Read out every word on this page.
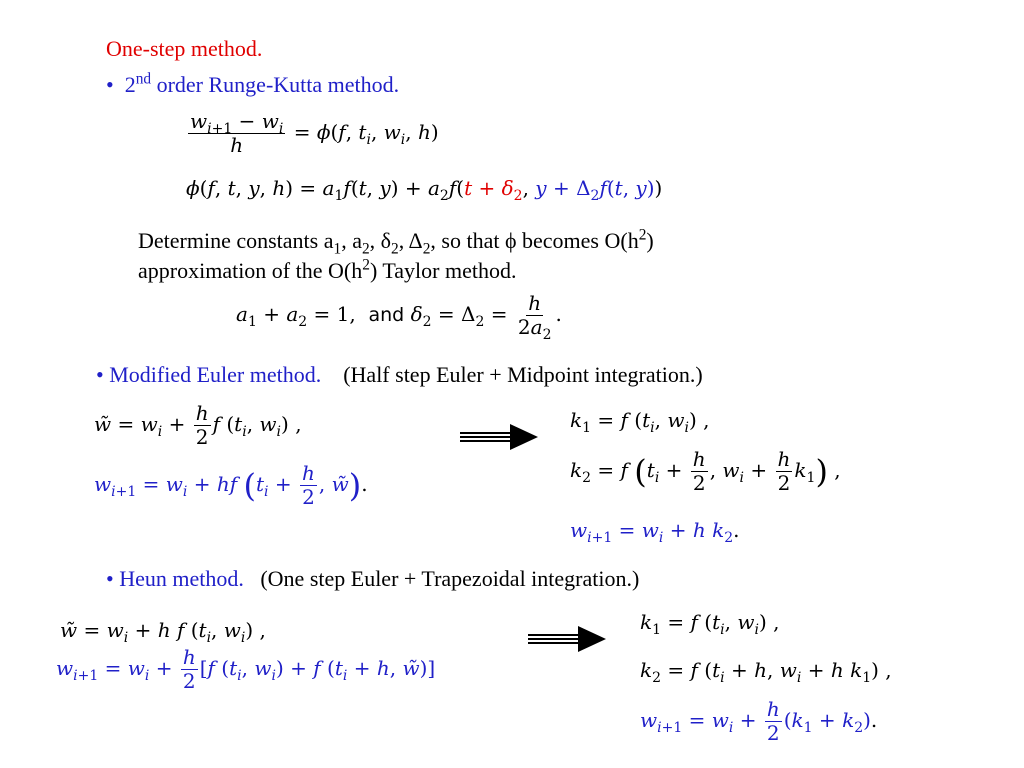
One-step method.
• 2nd order Runge-Kutta method.
$\frac{w_{i+1} - w_i}{h} = \phi(f$, $t_i$, $w_i$, h)
ϕ(f, t, y, $h) = a_1f(t$, $y) + a_2f(t + \delta_2$, $y + \Delta_2f(t$, y))
Determine constants $a_1$, $a_2$, $\delta_2$, $\Delta_2$, so that ϕ becomes $O(h^2)$
approximation of the $O(h^2)$ Taylor method.
$a_1 + a_2 = 1$,  and $\delta_2 = \Delta_2 = \frac{h}{2a_2}$ .
• Modified Euler method. (Half step Euler + Midpoint integration.)
w̃ = $w_i + \frac{h}{2}$ f ($t_i$, $w_i$) ,
$w_{i+1} = w_i$ + hf ($t_i + \frac{h}{2}$ , w̃).
$k_1 = f$ ($t_i$, $w_i$) ,
$k_2 = f$ ($t_i + \frac{h}{2}$ , $w_i + \frac{h}{2} k_1$) ,
$w_{i+1} = w_i + h$ $k_2$.
• Heun method. (One step Euler + Trapezoidal integration.)
w̃ = $w_i + h$ f ($t_i$, $w_i$) ,
$w_{i+1} = w_i + \frac{h}{2} [f$ ($t_i$, $w_i) + f$ ($t_i + h$, w̃)]
$k_1 = f$ ($t_i$, $w_i$) ,
$k_2 = f$ ($t_i + h$, $w_i + h$ $k_1$) ,
$w_{i+1} = w_i + \frac{h}{2} (k_1 + k_2)$.
